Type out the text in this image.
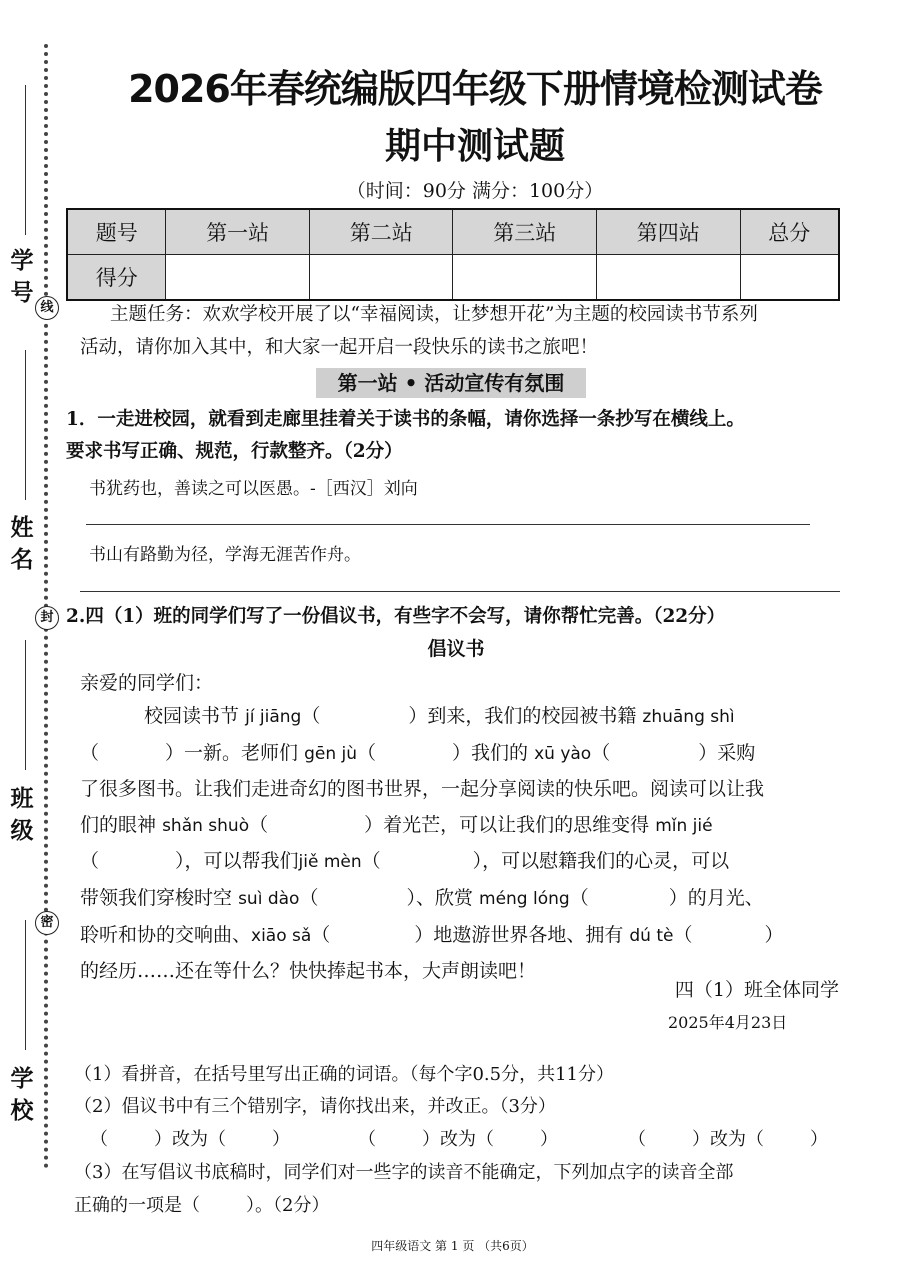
学号
姓名
班级
学校
线
封
密
2026年春统编版四年级下册情境检测试卷
期中测试题
（时间：90分 满分：100分）
题号	第一站	第二站	第三站	第四站	总分
得分					
主题任务：欢欢学校开展了以“幸福阅读，让梦想开花”为主题的校园读书节系列
活动，请你加入其中，和大家一起开启一段快乐的读书之旅吧！
第一站 • 活动宣传有氛围
1．一走进校园，就看到走廊里挂着关于读书的条幅，请你选择一条抄写在横线上。
要求书写正确、规范，行款整齐。（2分）
书犹药也，善读之可以医愚。-［西汉］刘向
书山有路勤为径，学海无涯苦作舟。
2.四（1）班的同学们写了一份倡议书，有些字不会写，请你帮忙完善。（22分）
倡议书
亲爱的同学们：

校园读书节 jí jiāng（	）到来，我们的校园被书籍 zhuāng shì

（	）一新。老师们 gēn jù（	）我们的 xū yào（	）采购

了很多图书。让我们走进奇幻的图书世界，一起分享阅读的快乐吧。阅读可以让我

们的眼神 shǎn shuò（	）着光芒，可以让我们的思维变得 mǐn jié

（	），可以帮我们jiě mèn（	），可以慰籍我们的心灵，可以

带领我们穿梭时空 suì dào（	）、欣赏 méng lóng（	）的月光、

聆听和协的交响曲、xiāo sǎ（	）地遨游世界各地、拥有 dú tè（	）

的经历……还在等什么？快快捧起书本，大声朗读吧！

四（1）班全体同学
2025年4月23日
（1）看拼音，在括号里写出正确的词语。（每个字0.5分，共11分）
（2）倡议书中有三个错别字，请你找出来，并改正。（3分）
（	）改为（	）	（	）改为（	）	（	）改为（	）
（3）在写倡议书底稿时，同学们对一些字的读音不能确定，下列加点字的读音全部
正确的一项是（	）。（2分）
四年级语文 第 1 页 （共6页）
